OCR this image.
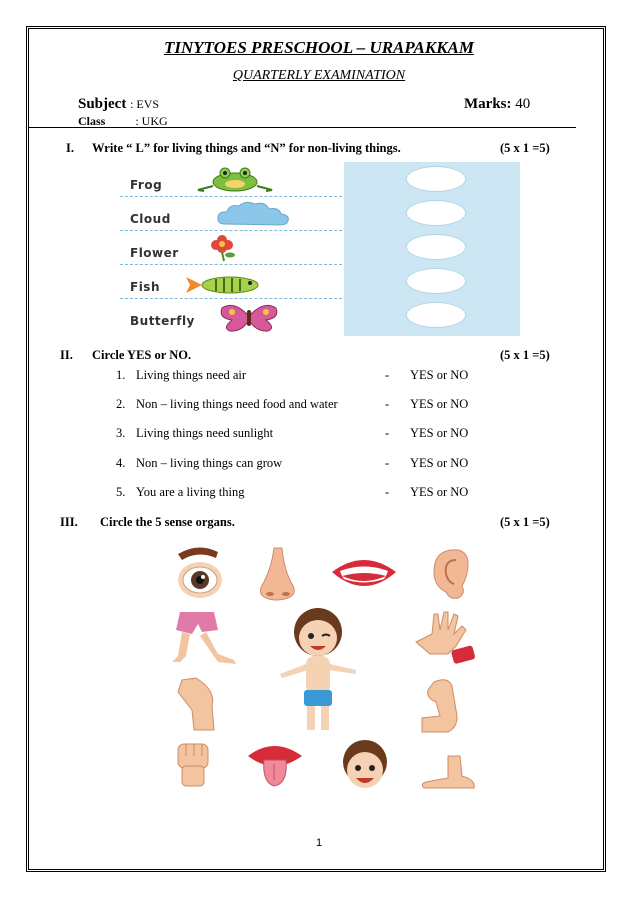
TINYTOES PRESCHOOL – URAPAKKAM
QUARTERLY EXAMINATION
Subject : EVS	Marks: 40
Class	: UKG
I. Write “ L” for living things and “N” for non-living things.	(5 x 1 =5)
Frog
Cloud
Flower
Fish
Butterfly
II. Circle YES or NO.	(5 x 1 =5)
1. Living things need air	- YES or NO
2. Non – living things need food and water	- YES or NO
3. Living things need sunlight	- YES or NO
4. Non – living things can grow	- YES or NO
5. You are a living thing	- YES or NO
III. Circle the 5 sense organs.	(5 x 1 =5)
1
